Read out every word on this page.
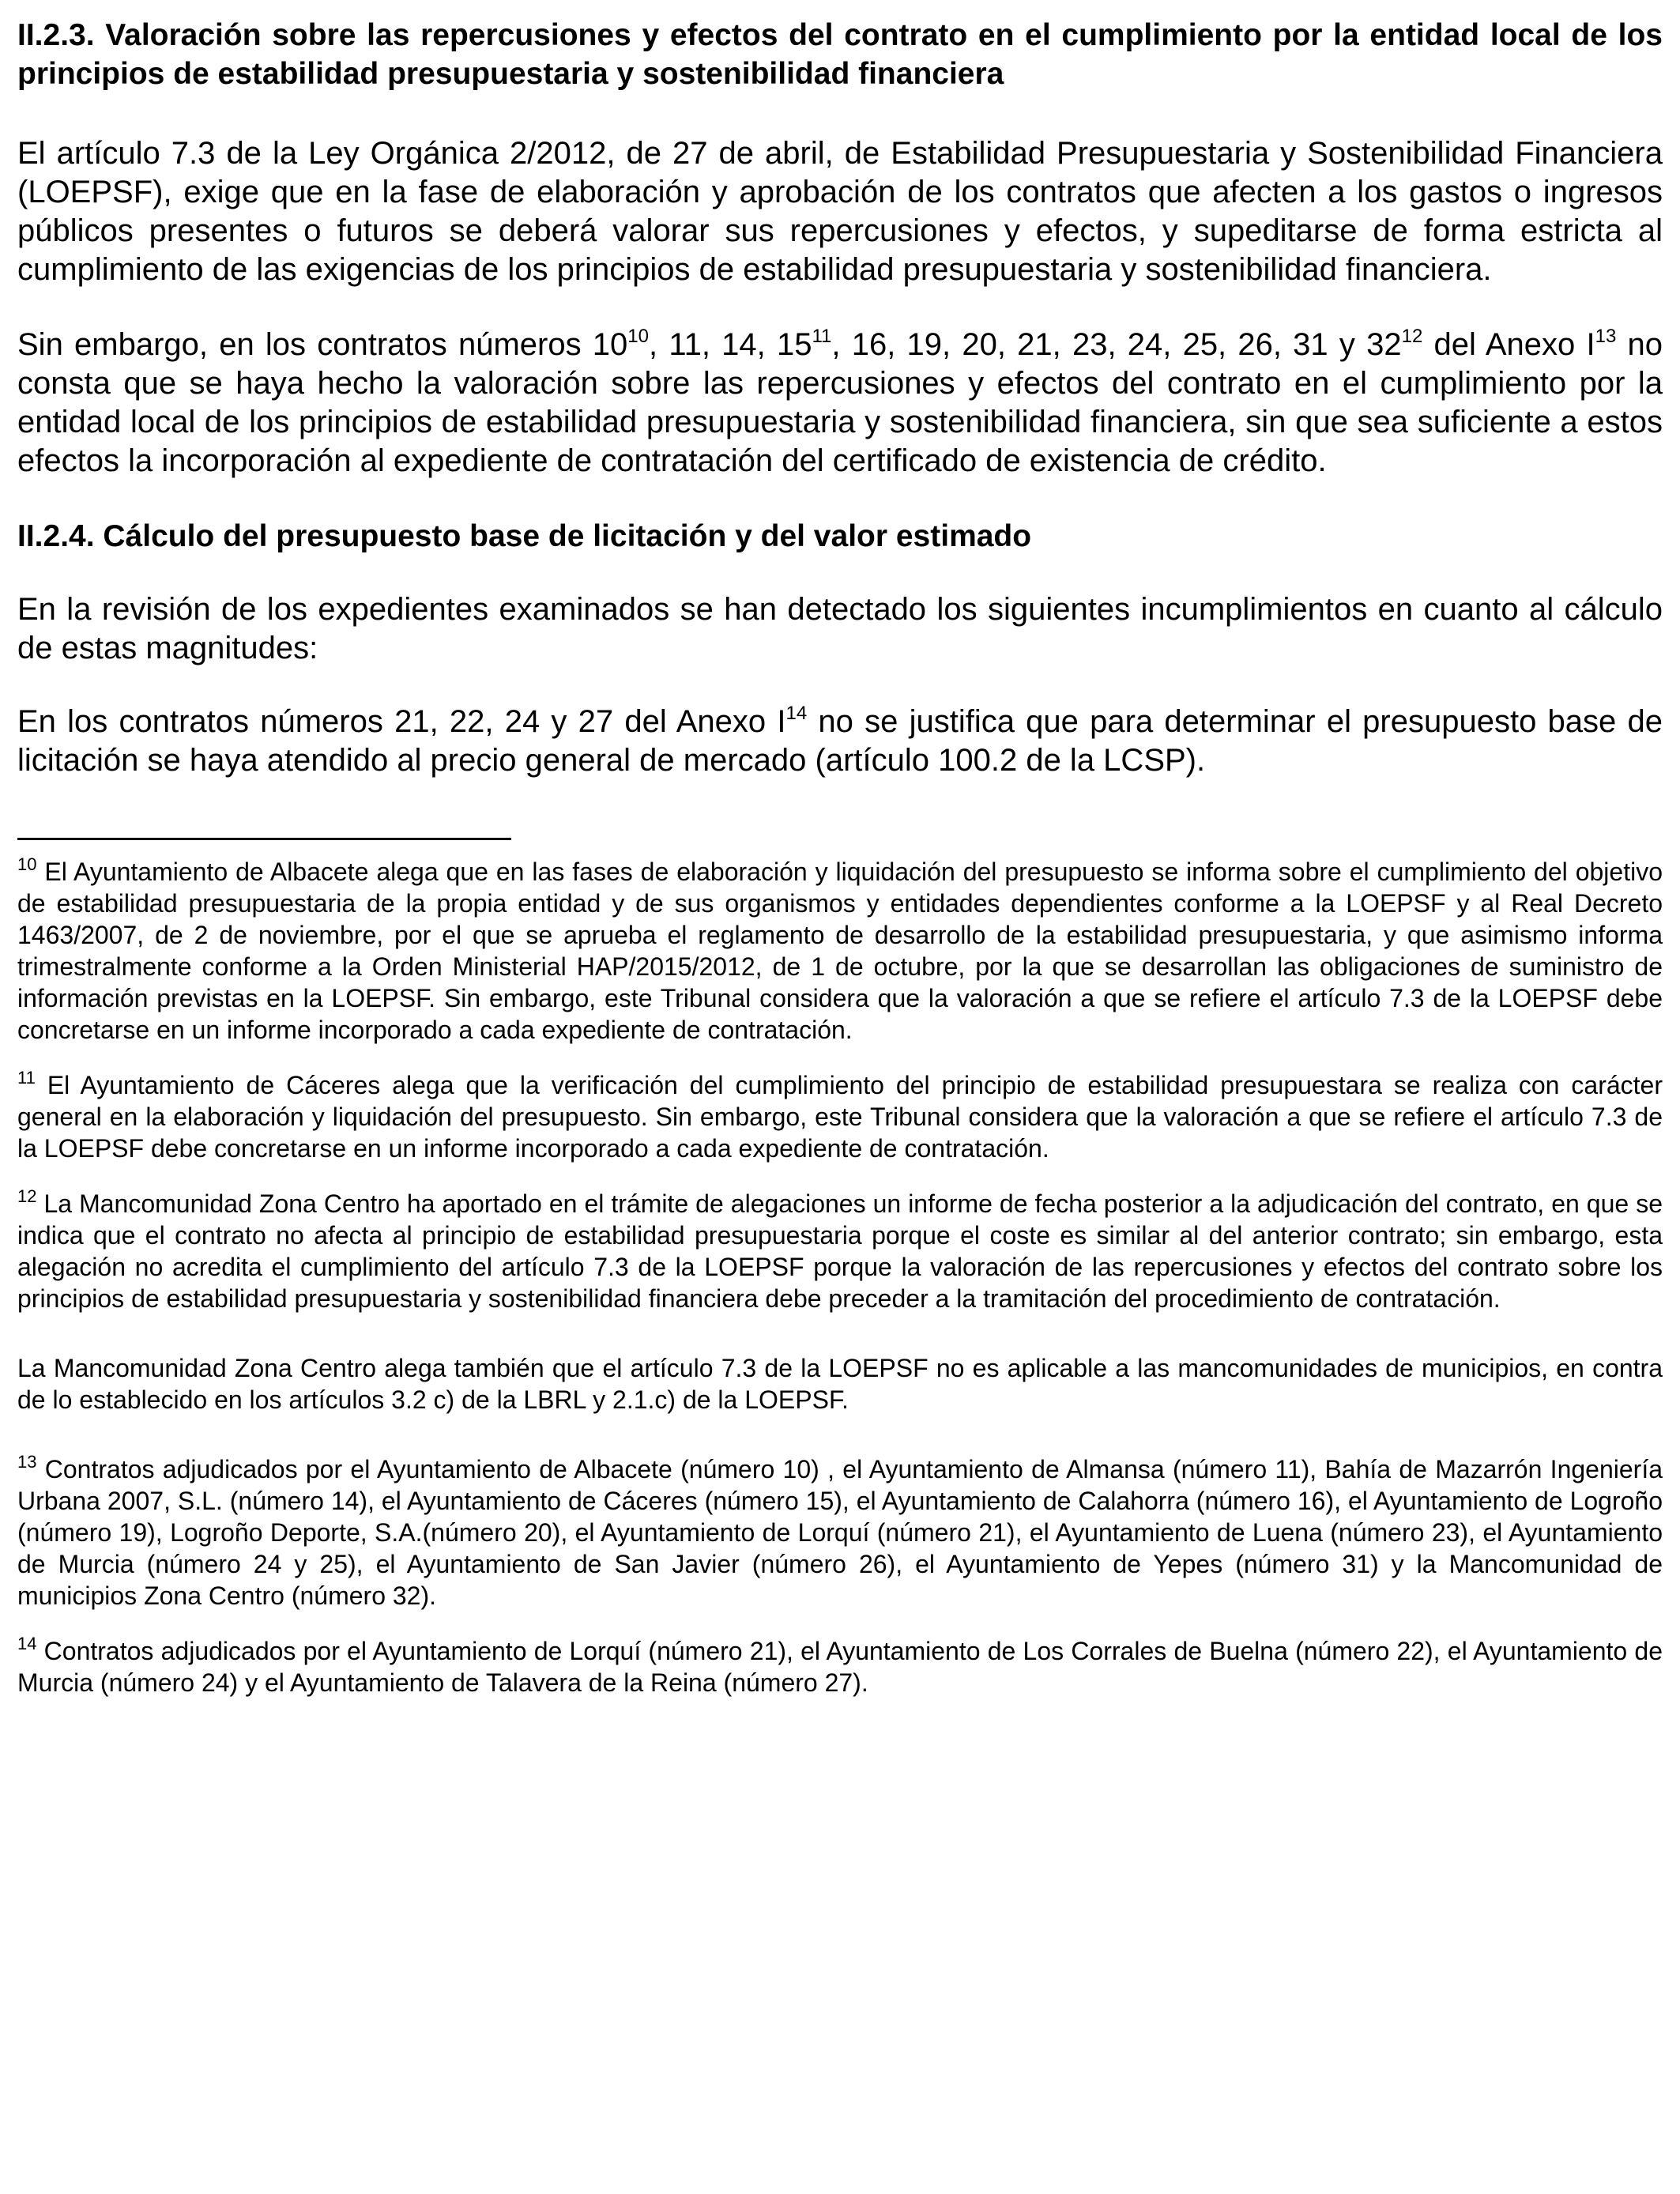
II.2.3. Valoración sobre las repercusiones y efectos del contrato en el cumplimiento por la entidad local de los principios de estabilidad presupuestaria y sostenibilidad financiera

El artículo 7.3 de la Ley Orgánica 2/2012, de 27 de abril, de Estabilidad Presupuestaria y Sostenibilidad Financiera (LOEPSF), exige que en la fase de elaboración y aprobación de los contratos que afecten a los gastos o ingresos públicos presentes o futuros se deberá valorar sus repercusiones y efectos, y supeditarse de forma estricta al cumplimiento de las exigencias de los principios de estabilidad presupuestaria y sostenibilidad financiera.

Sin embargo, en los contratos números $10^{10}$, 11, 14, $15^{11}$, 16, 19, 20, 21, 23, 24, 25, 26, 31 y $32^{12}$ del Anexo $I^{13}$ no consta que se haya hecho la valoración sobre las repercusiones y efectos del contrato en el cumplimiento por la entidad local de los principios de estabilidad presupuestaria y sostenibilidad financiera, sin que sea suficiente a estos efectos la incorporación al expediente de contratación del certificado de existencia de crédito.

II.2.4. Cálculo del presupuesto base de licitación y del valor estimado

En la revisión de los expedientes examinados se han detectado los siguientes incumplimientos en cuanto al cálculo de estas magnitudes:

En los contratos números 21, 22, 24 y 27 del Anexo $I^{14}$ no se justifica que para determinar el presupuesto base de licitación se haya atendido al precio general de mercado (artículo 100.2 de la LCSP).

$^{10}$ El Ayuntamiento de Albacete alega que en las fases de elaboración y liquidación del presupuesto se informa sobre el cumplimiento del objetivo de estabilidad presupuestaria de la propia entidad y de sus organismos y entidades dependientes conforme a la LOEPSF y al Real Decreto 1463/2007, de 2 de noviembre, por el que se aprueba el reglamento de desarrollo de la estabilidad presupuestaria, y que asimismo informa trimestralmente conforme a la Orden Ministerial HAP/2015/2012, de 1 de octubre, por la que se desarrollan las obligaciones de suministro de información previstas en la LOEPSF. Sin embargo, este Tribunal considera que la valoración a que se refiere el artículo 7.3 de la LOEPSF debe concretarse en un informe incorporado a cada expediente de contratación.

$^{11}$ El Ayuntamiento de Cáceres alega que la verificación del cumplimiento del principio de estabilidad presupuestara se realiza con carácter general en la elaboración y liquidación del presupuesto. Sin embargo, este Tribunal considera que la valoración a que se refiere el artículo 7.3 de la LOEPSF debe concretarse en un informe incorporado a cada expediente de contratación.

$^{12}$ La Mancomunidad Zona Centro ha aportado en el trámite de alegaciones un informe de fecha posterior a la adjudicación del contrato, en que se indica que el contrato no afecta al principio de estabilidad presupuestaria porque el coste es similar al del anterior contrato; sin embargo, esta alegación no acredita el cumplimiento del artículo 7.3 de la LOEPSF porque la valoración de las repercusiones y efectos del contrato sobre los principios de estabilidad presupuestaria y sostenibilidad financiera debe preceder a la tramitación del procedimiento de contratación.

La Mancomunidad Zona Centro alega también que el artículo 7.3 de la LOEPSF no es aplicable a las mancomunidades de municipios, en contra de lo establecido en los artículos 3.2 c) de la LBRL y 2.1.c) de la LOEPSF.

$^{13}$ Contratos adjudicados por el Ayuntamiento de Albacete (número 10) , el Ayuntamiento de Almansa (número 11), Bahía de Mazarrón Ingeniería Urbana 2007, S.L. (número 14), el Ayuntamiento de Cáceres (número 15), el Ayuntamiento de Calahorra (número 16), el Ayuntamiento de Logroño (número 19), Logroño Deporte, S.A.(número 20), el Ayuntamiento de Lorquí (número 21), el Ayuntamiento de Luena (número 23), el Ayuntamiento de Murcia (número 24 y 25), el Ayuntamiento de San Javier (número 26), el Ayuntamiento de Yepes (número 31) y la Mancomunidad de municipios Zona Centro (número 32).

$^{14}$ Contratos adjudicados por el Ayuntamiento de Lorquí (número 21), el Ayuntamiento de Los Corrales de Buelna (número 22), el Ayuntamiento de Murcia (número 24) y el Ayuntamiento de Talavera de la Reina (número 27).
